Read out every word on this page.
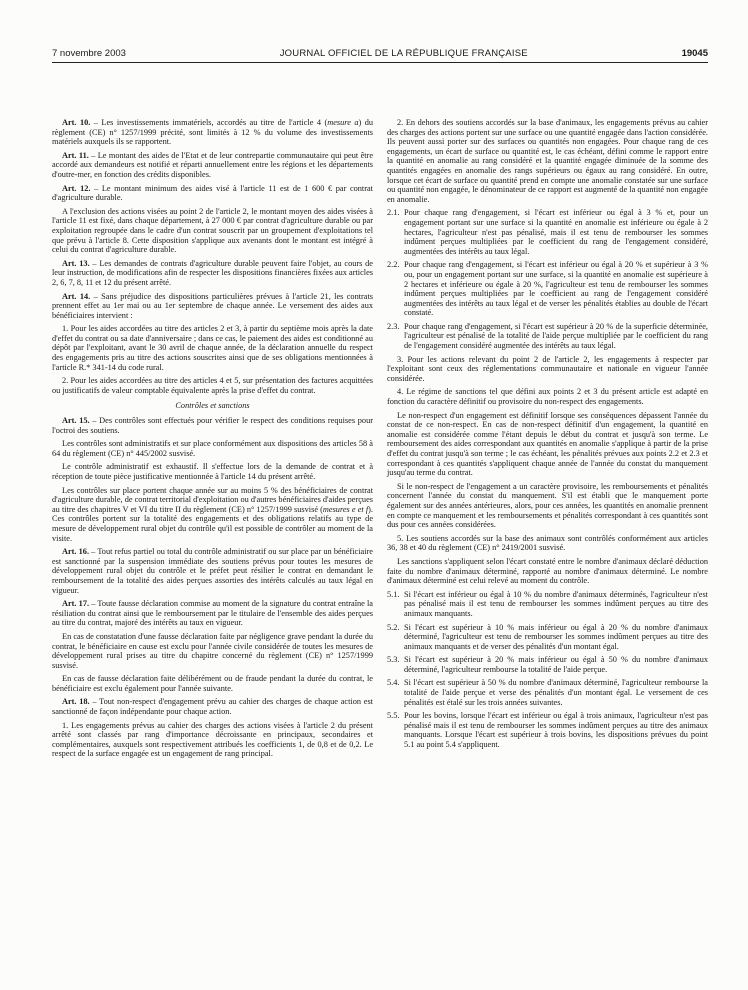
7 novembre 2003	JOURNAL OFFICIEL DE LA RÉPUBLIQUE FRANÇAISE	19045

Art. 10. – Les investissements immatériels, accordés au titre de l'article 4 (mesure a) du règlement (CE) n° 1257/1999 précité, sont limités à 12 % du volume des investissements matériels auxquels ils se rapportent.

Art. 11. – Le montant des aides de l'Etat et de leur contrepartie communautaire qui peut être accordé aux demandeurs est notifié et réparti annuellement entre les régions et les départements d'outre-mer, en fonction des crédits disponibles.

Art. 12. – Le montant minimum des aides visé à l'article 11 est de 1 600 € par contrat d'agriculture durable.

A l'exclusion des actions visées au point 2 de l'article 2, le montant moyen des aides visées à l'article 11 est fixé, dans chaque département, à 27 000 € par contrat d'agriculture durable ou par exploitation regroupée dans le cadre d'un contrat souscrit par un groupement d'exploitations tel que prévu à l'article 8. Cette disposition s'applique aux avenants dont le montant est intégré à celui du contrat d'agriculture durable.

Art. 13. – Les demandes de contrats d'agriculture durable peuvent faire l'objet, au cours de leur instruction, de modifications afin de respecter les dispositions financières fixées aux articles 2, 6, 7, 8, 11 et 12 du présent arrêté.

Art. 14. – Sans préjudice des dispositions particulières prévues à l'article 21, les contrats prennent effet au 1er mai ou au 1er septembre de chaque année. Le versement des aides aux bénéficiaires intervient :

1. Pour les aides accordées au titre des articles 2 et 3, à partir du septième mois après la date d'effet du contrat ou sa date d'anniversaire ; dans ce cas, le paiement des aides est conditionné au dépôt par l'exploitant, avant le 30 avril de chaque année, de la déclaration annuelle du respect des engagements pris au titre des actions souscrites ainsi que de ses obligations mentionnées à l'article R.* 341-14 du code rural.

2. Pour les aides accordées au titre des articles 4 et 5, sur présentation des factures acquittées ou justificatifs de valeur comptable équivalente après la prise d'effet du contrat.

Contrôles et sanctions

Art. 15. – Des contrôles sont effectués pour vérifier le respect des conditions requises pour l'octroi des soutiens.

Les contrôles sont administratifs et sur place conformément aux dispositions des articles 58 à 64 du règlement (CE) n° 445/2002 susvisé.

Le contrôle administratif est exhaustif. Il s'effectue lors de la demande de contrat et à réception de toute pièce justificative mentionnée à l'article 14 du présent arrêté.

Les contrôles sur place portent chaque année sur au moins 5 % des bénéficiaires de contrat d'agriculture durable, de contrat territorial d'exploitation ou d'autres bénéficiaires d'aides perçues au titre des chapitres V et VI du titre II du règlement (CE) n° 1257/1999 susvisé (mesures e et f). Ces contrôles portent sur la totalité des engagements et des obligations relatifs au type de mesure de développement rural objet du contrôle qu'il est possible de contrôler au moment de la visite.

Art. 16. – Tout refus partiel ou total du contrôle administratif ou sur place par un bénéficiaire est sanctionné par la suspension immédiate des soutiens prévus pour toutes les mesures de développement rural objet du contrôle et le préfet peut résilier le contrat en demandant le remboursement de la totalité des aides perçues assorties des intérêts calculés au taux légal en vigueur.

Art. 17. – Toute fausse déclaration commise au moment de la signature du contrat entraîne la résiliation du contrat ainsi que le remboursement par le titulaire de l'ensemble des aides perçues au titre du contrat, majoré des intérêts au taux en vigueur.

En cas de constatation d'une fausse déclaration faite par négligence grave pendant la durée du contrat, le bénéficiaire en cause est exclu pour l'année civile considérée de toutes les mesures de développement rural prises au titre du chapitre concerné du règlement (CE) n° 1257/1999 susvisé.

En cas de fausse déclaration faite délibérément ou de fraude pendant la durée du contrat, le bénéficiaire est exclu également pour l'année suivante.

Art. 18. – Tout non-respect d'engagement prévu au cahier des charges de chaque action est sanctionné de façon indépendante pour chaque action.

1. Les engagements prévus au cahier des charges des actions visées à l'article 2 du présent arrêté sont classés par rang d'importance décroissante en principaux, secondaires et complémentaires, auxquels sont respectivement attribués les coefficients 1, de 0,8 et de 0,2. Le respect de la surface engagée est un engagement de rang principal.

2. En dehors des soutiens accordés sur la base d'animaux, les engagements prévus au cahier des charges des actions portent sur une surface ou une quantité engagée dans l'action considérée. Ils peuvent aussi porter sur des surfaces ou quantités non engagées. Pour chaque rang de ces engagements, un écart de surface ou quantité est, le cas échéant, défini comme le rapport entre la quantité en anomalie au rang considéré et la quantité engagée diminuée de la somme des quantités engagées en anomalie des rangs supérieurs ou égaux au rang considéré. En outre, lorsque cet écart de surface ou quantité prend en compte une anomalie constatée sur une surface ou quantité non engagée, le dénominateur de ce rapport est augmenté de la quantité non engagée en anomalie.

2.1. Pour chaque rang d'engagement, si l'écart est inférieur ou égal à 3 % et, pour un engagement portant sur une surface si la quantité en anomalie est inférieure ou égale à 2 hectares, l'agriculteur n'est pas pénalisé, mais il est tenu de rembourser les sommes indûment perçues multipliées par le coefficient du rang de l'engagement considéré, augmentées des intérêts au taux légal.
2.2. Pour chaque rang d'engagement, si l'écart est inférieur ou égal à 20 % et supérieur à 3 % ou, pour un engagement portant sur une surface, si la quantité en anomalie est supérieure à 2 hectares et inférieure ou égale à 20 %, l'agriculteur est tenu de rembourser les sommes indûment perçues multipliées par le coefficient au rang de l'engagement considéré augmentées des intérêts au taux légal et de verser les pénalités établies au double de l'écart constaté.
2.3. Pour chaque rang d'engagement, si l'écart est supérieur à 20 % de la superficie déterminée, l'agriculteur est pénalisé de la totalité de l'aide perçue multipliée par le coefficient du rang de l'engagement considéré augmentée des intérêts au taux légal.

3. Pour les actions relevant du point 2 de l'article 2, les engagements à respecter par l'exploitant sont ceux des réglementations communautaire et nationale en vigueur l'année considérée.

4. Le régime de sanctions tel que défini aux points 2 et 3 du présent article est adapté en fonction du caractère définitif ou provisoire du non-respect des engagements.

Le non-respect d'un engagement est définitif lorsque ses conséquences dépassent l'année du constat de ce non-respect. En cas de non-respect définitif d'un engagement, la quantité en anomalie est considérée comme l'étant depuis le début du contrat et jusqu'à son terme. Le remboursement des aides correspondant aux quantités en anomalie s'applique à partir de la prise d'effet du contrat jusqu'à son terme ; le cas échéant, les pénalités prévues aux points 2.2 et 2.3 et correspondant à ces quantités s'appliquent chaque année de l'année du constat du manquement jusqu'au terme du contrat.

Si le non-respect de l'engagement a un caractère provisoire, les remboursements et pénalités concernent l'année du constat du manquement. S'il est établi que le manquement porte également sur des années antérieures, alors, pour ces années, les quantités en anomalie prennent en compte ce manquement et les remboursements et pénalités correspondant à ces quantités sont dus pour ces années considérées.

5. Les soutiens accordés sur la base des animaux sont contrôlés conformément aux articles 36, 38 et 40 du règlement (CE) n° 2419/2001 susvisé.

Les sanctions s'appliquent selon l'écart constaté entre le nombre d'animaux déclaré déduction faite du nombre d'animaux déterminé, rapporté au nombre d'animaux déterminé. Le nombre d'animaux déterminé est celui relevé au moment du contrôle.

5.1. Si l'écart est inférieur ou égal à 10 % du nombre d'animaux déterminés, l'agriculteur n'est pas pénalisé mais il est tenu de rembourser les sommes indûment perçues au titre des animaux manquants.
5.2. Si l'écart est supérieur à 10 % mais inférieur ou égal à 20 % du nombre d'animaux déterminé, l'agriculteur est tenu de rembourser les sommes indûment perçues au titre des animaux manquants et de verser des pénalités d'un montant égal.
5.3. Si l'écart est supérieur à 20 % mais inférieur ou égal à 50 % du nombre d'animaux déterminé, l'agriculteur rembourse la totalité de l'aide perçue.
5.4. Si l'écart est supérieur à 50 % du nombre d'animaux déterminé, l'agriculteur rembourse la totalité de l'aide perçue et verse des pénalités d'un montant égal. Le versement de ces pénalités est étalé sur les trois années suivantes.
5.5. Pour les bovins, lorsque l'écart est inférieur ou égal à trois animaux, l'agriculteur n'est pas pénalisé mais il est tenu de rembourser les sommes indûment perçues au titre des animaux manquants. Lorsque l'écart est supérieur à trois bovins, les dispositions prévues du point 5.1 au point 5.4 s'appliquent.
